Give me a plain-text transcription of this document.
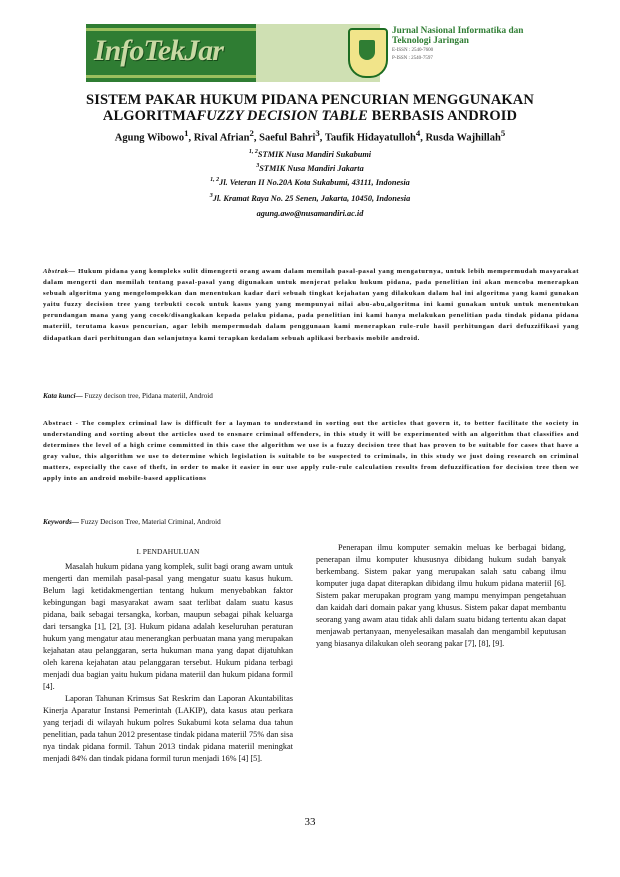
InfoTekJar
Jurnal Nasional Informatika dan Teknologi Jaringan
E-ISSN : 2540-7600
P-ISSN : 2540-7597
SISTEM PAKAR HUKUM PIDANA PENCURIAN MENGGUNAKAN
ALGORITMAFUZZY DECISION TABLE BERBASIS ANDROID
Agung Wibowo$^1$, Rival Afrian$^2$, Saeful Bahri$^3$, Taufik Hidayatulloh$^4$, Rusda Wajhillah$^5$
$^{1, 2}$STMIK Nusa Mandiri Sukabumi
$^3$STMIK Nusa Mandiri Jakarta
$^{1, 2}$Jl. Veteran II No.20A Kota Sukabumi, 43111, Indonesia
$^3$Jl. Kramat Raya No. 25 Senen, Jakarta, 10450, Indonesia
agung.awo@nusamandiri.ac.id
Abstrak— Hukum pidana yang kompleks sulit dimengerti orang awam dalam memilah pasal-pasal yang mengaturnya, untuk lebih mempermudah masyarakat dalam mengerti dan memilah tentang pasal-pasal yang digunakan untuk menjerat pelaku hukum pidana, pada penelitian ini akan mencoba menerapkan sebuah algoritma yang mengelompokkan dan menentukan kadar dari sebuah tingkat kejahatan yang dilakukan dalam hal ini algoritma yang kami gunakan yaitu fuzzy decision tree yang terbukti cocok untuk kasus yang yang mempunyai nilai abu-abu,algoritma ini kami gunakan untuk untuk menentukan perundangan mana yang yang cocok/disangkakan kepada pelaku pidana, pada penelitian ini kami hanya melakukan penelitian pada tindak pidana pidana materiil, terutama kasus pencurian, agar lebih mempermudah dalam penggunaan kami menerapkan rule-rule hasil perhitungan dari defuzzifikasi yang didapatkan dari perhitungan dan selanjutnya kami terapkan kedalam sebuah aplikasi berbasis mobile android.
Kata kunci— Fuzzy decison tree, Pidana materiil, Android
Abstract - The complex criminal law is difficult for a layman to understand in sorting out the articles that govern it, to better facilitate the society in understanding and sorting about the articles used to ensnare criminal offenders, in this study it will be experimented with an algorithm that classifies and determines the level of a high crime committed in this case the algorithm we use is a fuzzy decision tree that has proven to be suitable for cases that have a gray value, this algorithm we use to determine which legislation is suitable to be suspected to criminals, in this study we just doing research on criminal matters, especially the case of theft, in order to make it easier in our use apply rule-rule calculation results from defuzzification for decision tree then we apply into an android mobile-based applications
Keywords— Fuzzy Decison Tree, Material Criminal, Android
I. PENDAHULUAN

Masalah hukum pidana yang komplek, sulit bagi orang awam untuk mengerti dan memilah pasal-pasal yang mengatur suatu kasus hukum. Belum lagi ketidakmengertian tentang hukum menyebabkan faktor kebingungan bagi masyarakat awam saat terlibat dalam suatu kasus pidana, baik sebagai tersangka, korban, maupun sebagai pihak keluarga dari tersangka [1], [2], [3]. Hukum pidana adalah keseluruhan peraturan hukum yang mengatur atau menerangkan perbuatan mana yang merupakan kejahatan atau pelanggaran, serta hukuman mana yang dapat dijatuhkan oleh karena kejahatan atau pelanggaran tersebut. Hukum pidana terbagi menjadi dua bagian yaitu hukum pidana materiil dan hukum pidana formil [4].

Laporan Tahunan Krimsus Sat Reskrim dan Laporan Akuntabilitas Kinerja Aparatur Instansi Pemerintah (LAKIP), data kasus atau perkara yang terjadi di wilayah hukum polres Sukabumi kota selama dua tahun penelitian, pada tahun 2012 presentase tindak pidana materiil 75% dan sisa nya tindak pidana formil. Tahun 2013 tindak pidana materiil meningkat menjadi 84% dan tindak pidana formil turun menjadi 16% [4] [5].

Penerapan ilmu komputer semakin meluas ke berbagai bidang, penerapan ilmu komputer khususnya dibidang hukum sudah banyak berkembang. Sistem pakar yang merupakan salah satu cabang ilmu komputer juga dapat diterapkan dibidang ilmu hukum pidana materiil [6]. Sistem pakar merupakan program yang mampu menyimpan pengetahuan dan kaidah dari domain pakar yang khusus. Sistem pakar dapat membantu seorang yang awam atau tidak ahli dalam suatu bidang tertentu akan dapat menjawab pertanyaan, menyelesaikan masalah dan mengambil keputusan yang biasanya dilakukan oleh seorang pakar [7], [8], [9].

33
